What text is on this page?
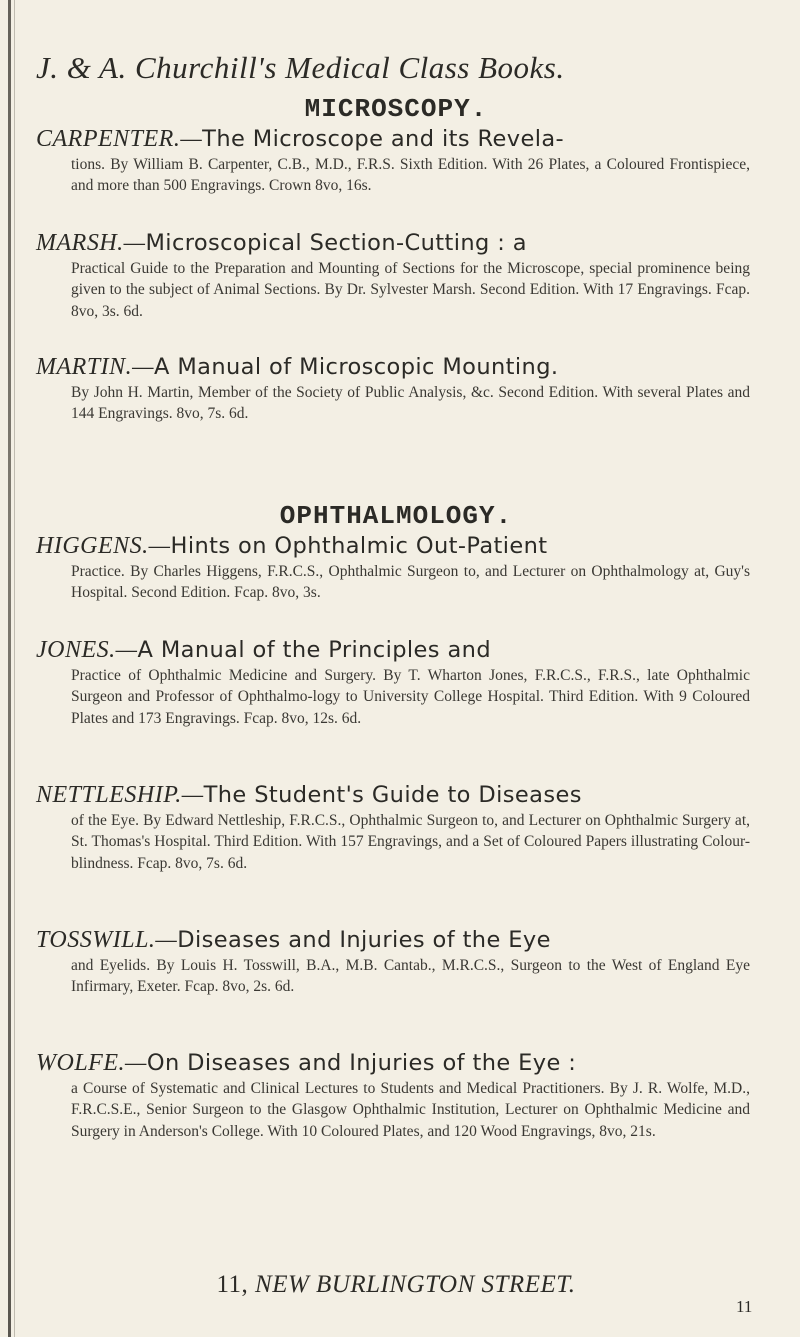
J. & A. Churchill's Medical Class Books.
MICROSCOPY.
CARPENTER.—The Microscope and its Revela-
tions. By William B. Carpenter, C.B., M.D., F.R.S. Sixth Edition. With 26 Plates, a Coloured Frontispiece, and more than 500 Engravings. Crown 8vo, 16s.
MARSH.—Microscopical Section-Cutting : a
Practical Guide to the Preparation and Mounting of Sections for the Microscope, special prominence being given to the subject of Animal Sections. By Dr. Sylvester Marsh. Second Edition. With 17 Engravings. Fcap. 8vo, 3s. 6d.
MARTIN.—A Manual of Microscopic Mounting.
By John H. Martin, Member of the Society of Public Analysis, &c. Second Edition. With several Plates and 144 Engravings. 8vo, 7s. 6d.
OPHTHALMOLOGY.
HIGGENS.—Hints on Ophthalmic Out-Patient
Practice. By Charles Higgens, F.R.C.S., Ophthalmic Surgeon to, and Lecturer on Ophthalmology at, Guy's Hospital. Second Edition. Fcap. 8vo, 3s.
JONES.—A Manual of the Principles and
Practice of Ophthalmic Medicine and Surgery. By T. Wharton Jones, F.R.C.S., F.R.S., late Ophthalmic Surgeon and Professor of Ophthalmo-logy to University College Hospital. Third Edition. With 9 Coloured Plates and 173 Engravings. Fcap. 8vo, 12s. 6d.
NETTLESHIP.—The Student's Guide to Diseases
of the Eye. By Edward Nettleship, F.R.C.S., Ophthalmic Surgeon to, and Lecturer on Ophthalmic Surgery at, St. Thomas's Hospital. Third Edition. With 157 Engravings, and a Set of Coloured Papers illustrating Colour-blindness. Fcap. 8vo, 7s. 6d.
TOSSWILL.—Diseases and Injuries of the Eye
and Eyelids. By Louis H. Tosswill, B.A., M.B. Cantab., M.R.C.S., Surgeon to the West of England Eye Infirmary, Exeter. Fcap. 8vo, 2s. 6d.
WOLFE.—On Diseases and Injuries of the Eye :
a Course of Systematic and Clinical Lectures to Students and Medical Practitioners. By J. R. Wolfe, M.D., F.R.C.S.E., Senior Surgeon to the Glasgow Ophthalmic Institution, Lecturer on Ophthalmic Medicine and Surgery in Anderson's College. With 10 Coloured Plates, and 120 Wood Engravings, 8vo, 21s.
11, NEW BURLINGTON STREET.
11
